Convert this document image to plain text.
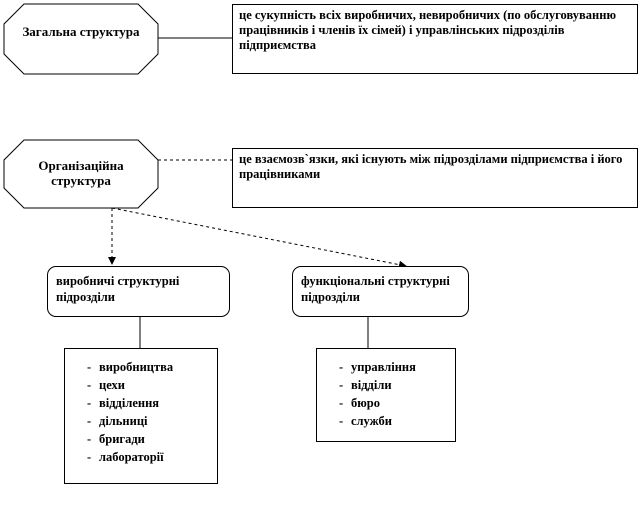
Загальна структура
це сукупність всіх виробничих, невиробничих (по обслуговуванню працівників і членів їх сімей) і управлінських підрозділів підприємства
Організаційна структура
це взаємозв`язки, які існують між підрозділами підприємства і його працівниками
виробничі структурні підрозділи
функціональні структурні підрозділи
- виробництва
- цехи
- відділення
- дільниці
- бригади
- лабораторії
- управління
- відділи
- бюро
- служби
